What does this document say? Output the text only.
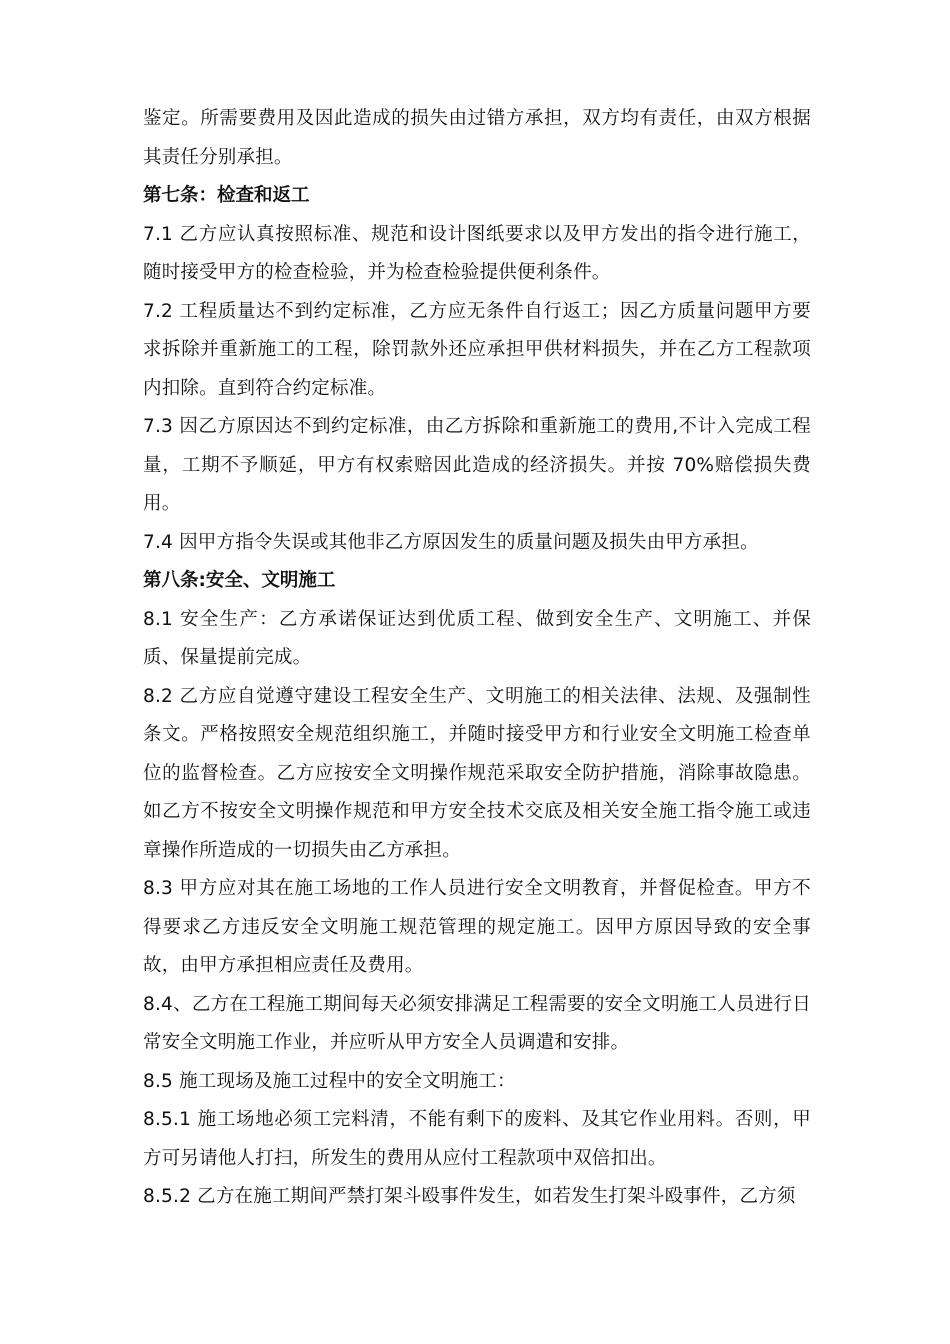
鉴定。所需要费用及因此造成的损失由过错方承担，双方均有责任，由双方根据其责任分别承担。

第七条：检查和返工

7.1 乙方应认真按照标准、规范和设计图纸要求以及甲方发出的指令进行施工，随时接受甲方的检查检验，并为检查检验提供便利条件。

7.2 工程质量达不到约定标准，乙方应无条件自行返工；因乙方质量问题甲方要求拆除并重新施工的工程，除罚款外还应承担甲供材料损失，并在乙方工程款项内扣除。直到符合约定标准。

7.3 因乙方原因达不到约定标准，由乙方拆除和重新施工的费用,不计入完成工程量，工期不予顺延，甲方有权索赔因此造成的经济损失。并按 70%赔偿损失费用。

7.4 因甲方指令失误或其他非乙方原因发生的质量问题及损失由甲方承担。

第八条:安全、文明施工

8.1 安全生产：乙方承诺保证达到优质工程、做到安全生产、文明施工、并保质、保量提前完成。

8.2 乙方应自觉遵守建设工程安全生产、文明施工的相关法律、法规、及强制性条文。严格按照安全规范组织施工，并随时接受甲方和行业安全文明施工检查单位的监督检查。乙方应按安全文明操作规范采取安全防护措施，消除事故隐患。如乙方不按安全文明操作规范和甲方安全技术交底及相关安全施工指令施工或违章操作所造成的一切损失由乙方承担。

8.3 甲方应对其在施工场地的工作人员进行安全文明教育，并督促检查。甲方不得要求乙方违反安全文明施工规范管理的规定施工。因甲方原因导致的安全事故，由甲方承担相应责任及费用。

8.4、乙方在工程施工期间每天必须安排满足工程需要的安全文明施工人员进行日常安全文明施工作业，并应听从甲方安全人员调遣和安排。

8.5 施工现场及施工过程中的安全文明施工：

8.5.1 施工场地必须工完料清，不能有剩下的废料、及其它作业用料。否则，甲方可另请他人打扫，所发生的费用从应付工程款项中双倍扣出。

8.5.2 乙方在施工期间严禁打架斗殴事件发生，如若发生打架斗殴事件，乙方须
